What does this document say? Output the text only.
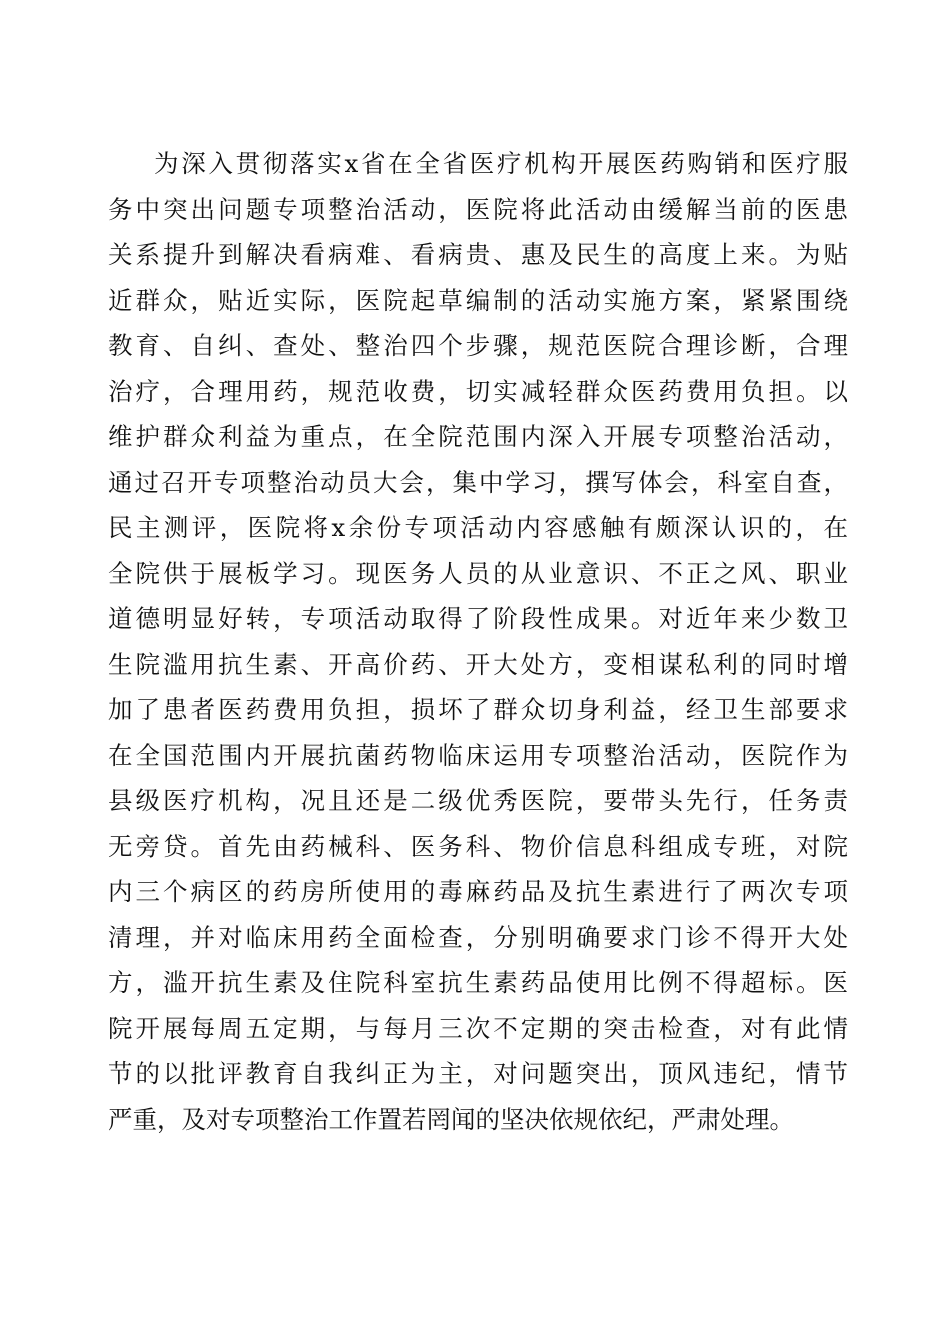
为深入贯彻落实x省在全省医疗机构开展医药购销和医疗服
务中突出问题专项整治活动，医院将此活动由缓解当前的医患
关系提升到解决看病难、看病贵、惠及民生的高度上来。为贴
近群众，贴近实际，医院起草编制的活动实施方案，紧紧围绕
教育、自纠、查处、整治四个步骤，规范医院合理诊断，合理
治疗，合理用药，规范收费，切实减轻群众医药费用负担。以
维护群众利益为重点，在全院范围内深入开展专项整治活动，
通过召开专项整治动员大会，集中学习，撰写体会，科室自查，
民主测评，医院将x余份专项活动内容感触有颇深认识的，在
全院供于展板学习。现医务人员的从业意识、不正之风、职业
道德明显好转，专项活动取得了阶段性成果。对近年来少数卫
生院滥用抗生素、开高价药、开大处方，变相谋私利的同时增
加了患者医药费用负担，损坏了群众切身利益，经卫生部要求
在全国范围内开展抗菌药物临床运用专项整治活动，医院作为
县级医疗机构，况且还是二级优秀医院，要带头先行，任务责
无旁贷。首先由药械科、医务科、物价信息科组成专班，对院
内三个病区的药房所使用的毒麻药品及抗生素进行了两次专项
清理，并对临床用药全面检查，分别明确要求门诊不得开大处
方，滥开抗生素及住院科室抗生素药品使用比例不得超标。医
院开展每周五定期，与每月三次不定期的突击检查，对有此情
节的以批评教育自我纠正为主，对问题突出，顶风违纪，情节
严重，及对专项整治工作置若罔闻的坚决依规依纪，严肃处理。
